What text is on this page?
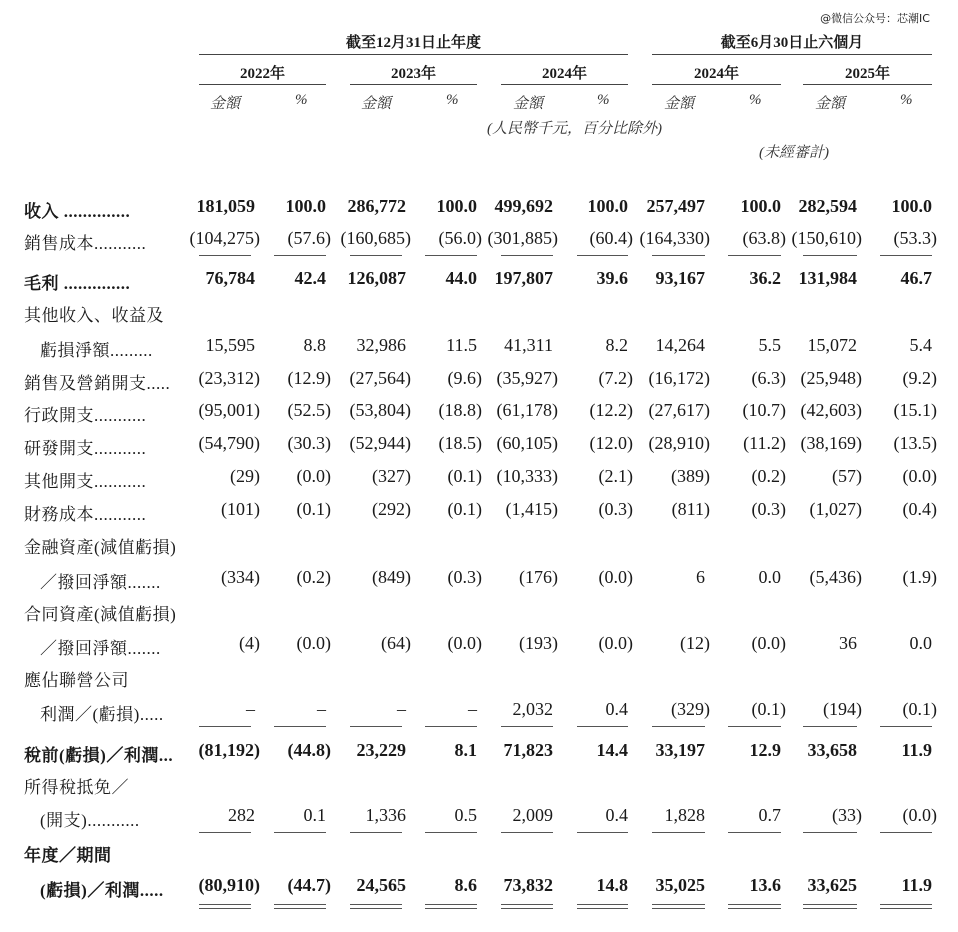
@微信公众号：芯潮IC
截至12月31日止年度	截至6月30日止六個月
2022年	2023年	2024年	2024年	2025年
金額	%	金額	%	金額	%	金額	%	金額	%
(人民幣千元，百分比除外)
(未經審計)
收入 ..............	181,059	100.0	286,772	100.0 499,692	100.0	257,497	100.0 282,594	100.0
銷售成本...........	(104,275)	(57.6) (160,685)	(56.0) (301,885)	(60.4) (164,330)	(63.8) (150,610)	(53.3)
毛利 ..............	76,784	42.4	126,087	44.0 197,807	39.6	93,167	36.2 131,984	46.7
其他收入、收益及
虧損淨額.........	15,595	8.8	32,986	11.5	41,311	8.2	14,264	5.5	15,072	5.4
銷售及營銷開支.....	(23,312)	(12.9)	(27,564)	(9.6) (35,927)	(7.2) (16,172)	(6.3) (25,948)	(9.2)
行政開支...........	(95,001)	(52.5)	(53,804)	(18.8) (61,178)	(12.2) (27,617)	(10.7) (42,603)	(15.1)
研發開支...........	(54,790)	(30.3)	(52,944)	(18.5) (60,105)	(12.0) (28,910)	(11.2) (38,169)	(13.5)
其他開支...........	(29)	(0.0)	(327)	(0.1) (10,333)	(2.1)	(389)	(0.2)	(57)	(0.0)
財務成本...........	(101)	(0.1)	(292)	(0.1)	(1,415)	(0.3)	(811)	(0.3)	(1,027)	(0.4)
金融資產(減值虧損)
／撥回淨額.......	(334)	(0.2)	(849)	(0.3)	(176)	(0.0)	6	0.0	(5,436)	(1.9)
合同資產(減值虧損)
／撥回淨額.......	(4)	(0.0)	(64)	(0.0)	(193)	(0.0)	(12)	(0.0)	36	0.0
應佔聯營公司
利潤／(虧損).....	–	–	–	–	2,032	0.4	(329)	(0.1)	(194)	(0.1)
稅前(虧損)／利潤...	(81,192)	(44.8)	23,229	8.1	71,823	14.4	33,197	12.9	33,658	11.9
所得稅抵免／
(開支)...........	282	0.1	1,336	0.5	2,009	0.4	1,828	0.7	(33)	(0.0)
年度／期間
(虧損)／利潤.....	(80,910)	(44.7)	24,565	8.6	73,832	14.8	35,025	13.6	33,625	11.9
